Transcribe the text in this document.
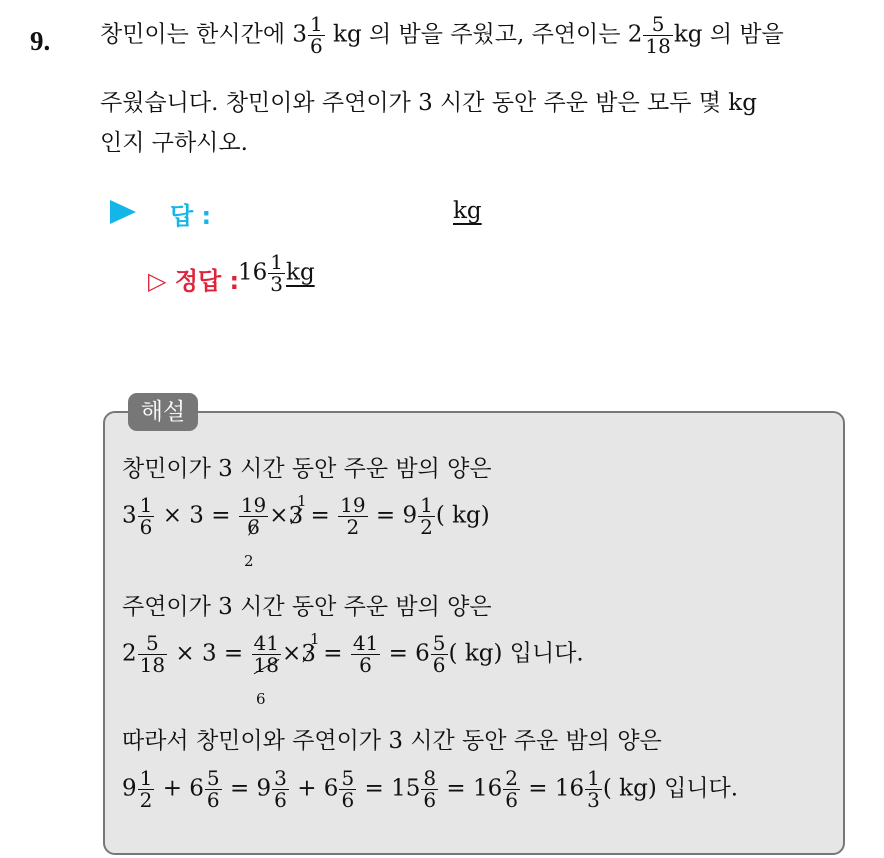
9. 창민이는 한시간에 $3 \frac{1}{6}$ kg 의 밤을 주웠고, 주연이는 $2 \frac{5}{18}$ kg 의 밤을
주웠습니다. 창민이와 주연이가 3 시간 동안 주운 밤은 모두 몇 kg
인지 구하시오.
답 :	kg
▷ 정답 :
$16 \frac{1}{3}$ kg
해설
창민이가 3 시간 동안 주운 밤의 양은
$3 \frac{1}{6} \times 3 = \frac{19}{6} \times 3 = \frac{19}{2} = 9 \frac{1}{2}$ ( kg)
2
1
주연이가 3 시간 동안 주운 밤의 양은
$2 \frac{5}{18} \times 3 = \frac{41}{18} \times 3 = \frac{41}{6} = 6 \frac{5}{6}$ ( kg) 입니다.
6
1
따라서 창민이와 주연이가 3 시간 동안 주운 밤의 양은
$9 \frac{1}{2} + 6 \frac{5}{6} = 9 \frac{3}{6} + 6 \frac{5}{6} = 15 \frac{8}{6} = 16 \frac{2}{6} = 16 \frac{1}{3}$ ( kg) 입니다.
